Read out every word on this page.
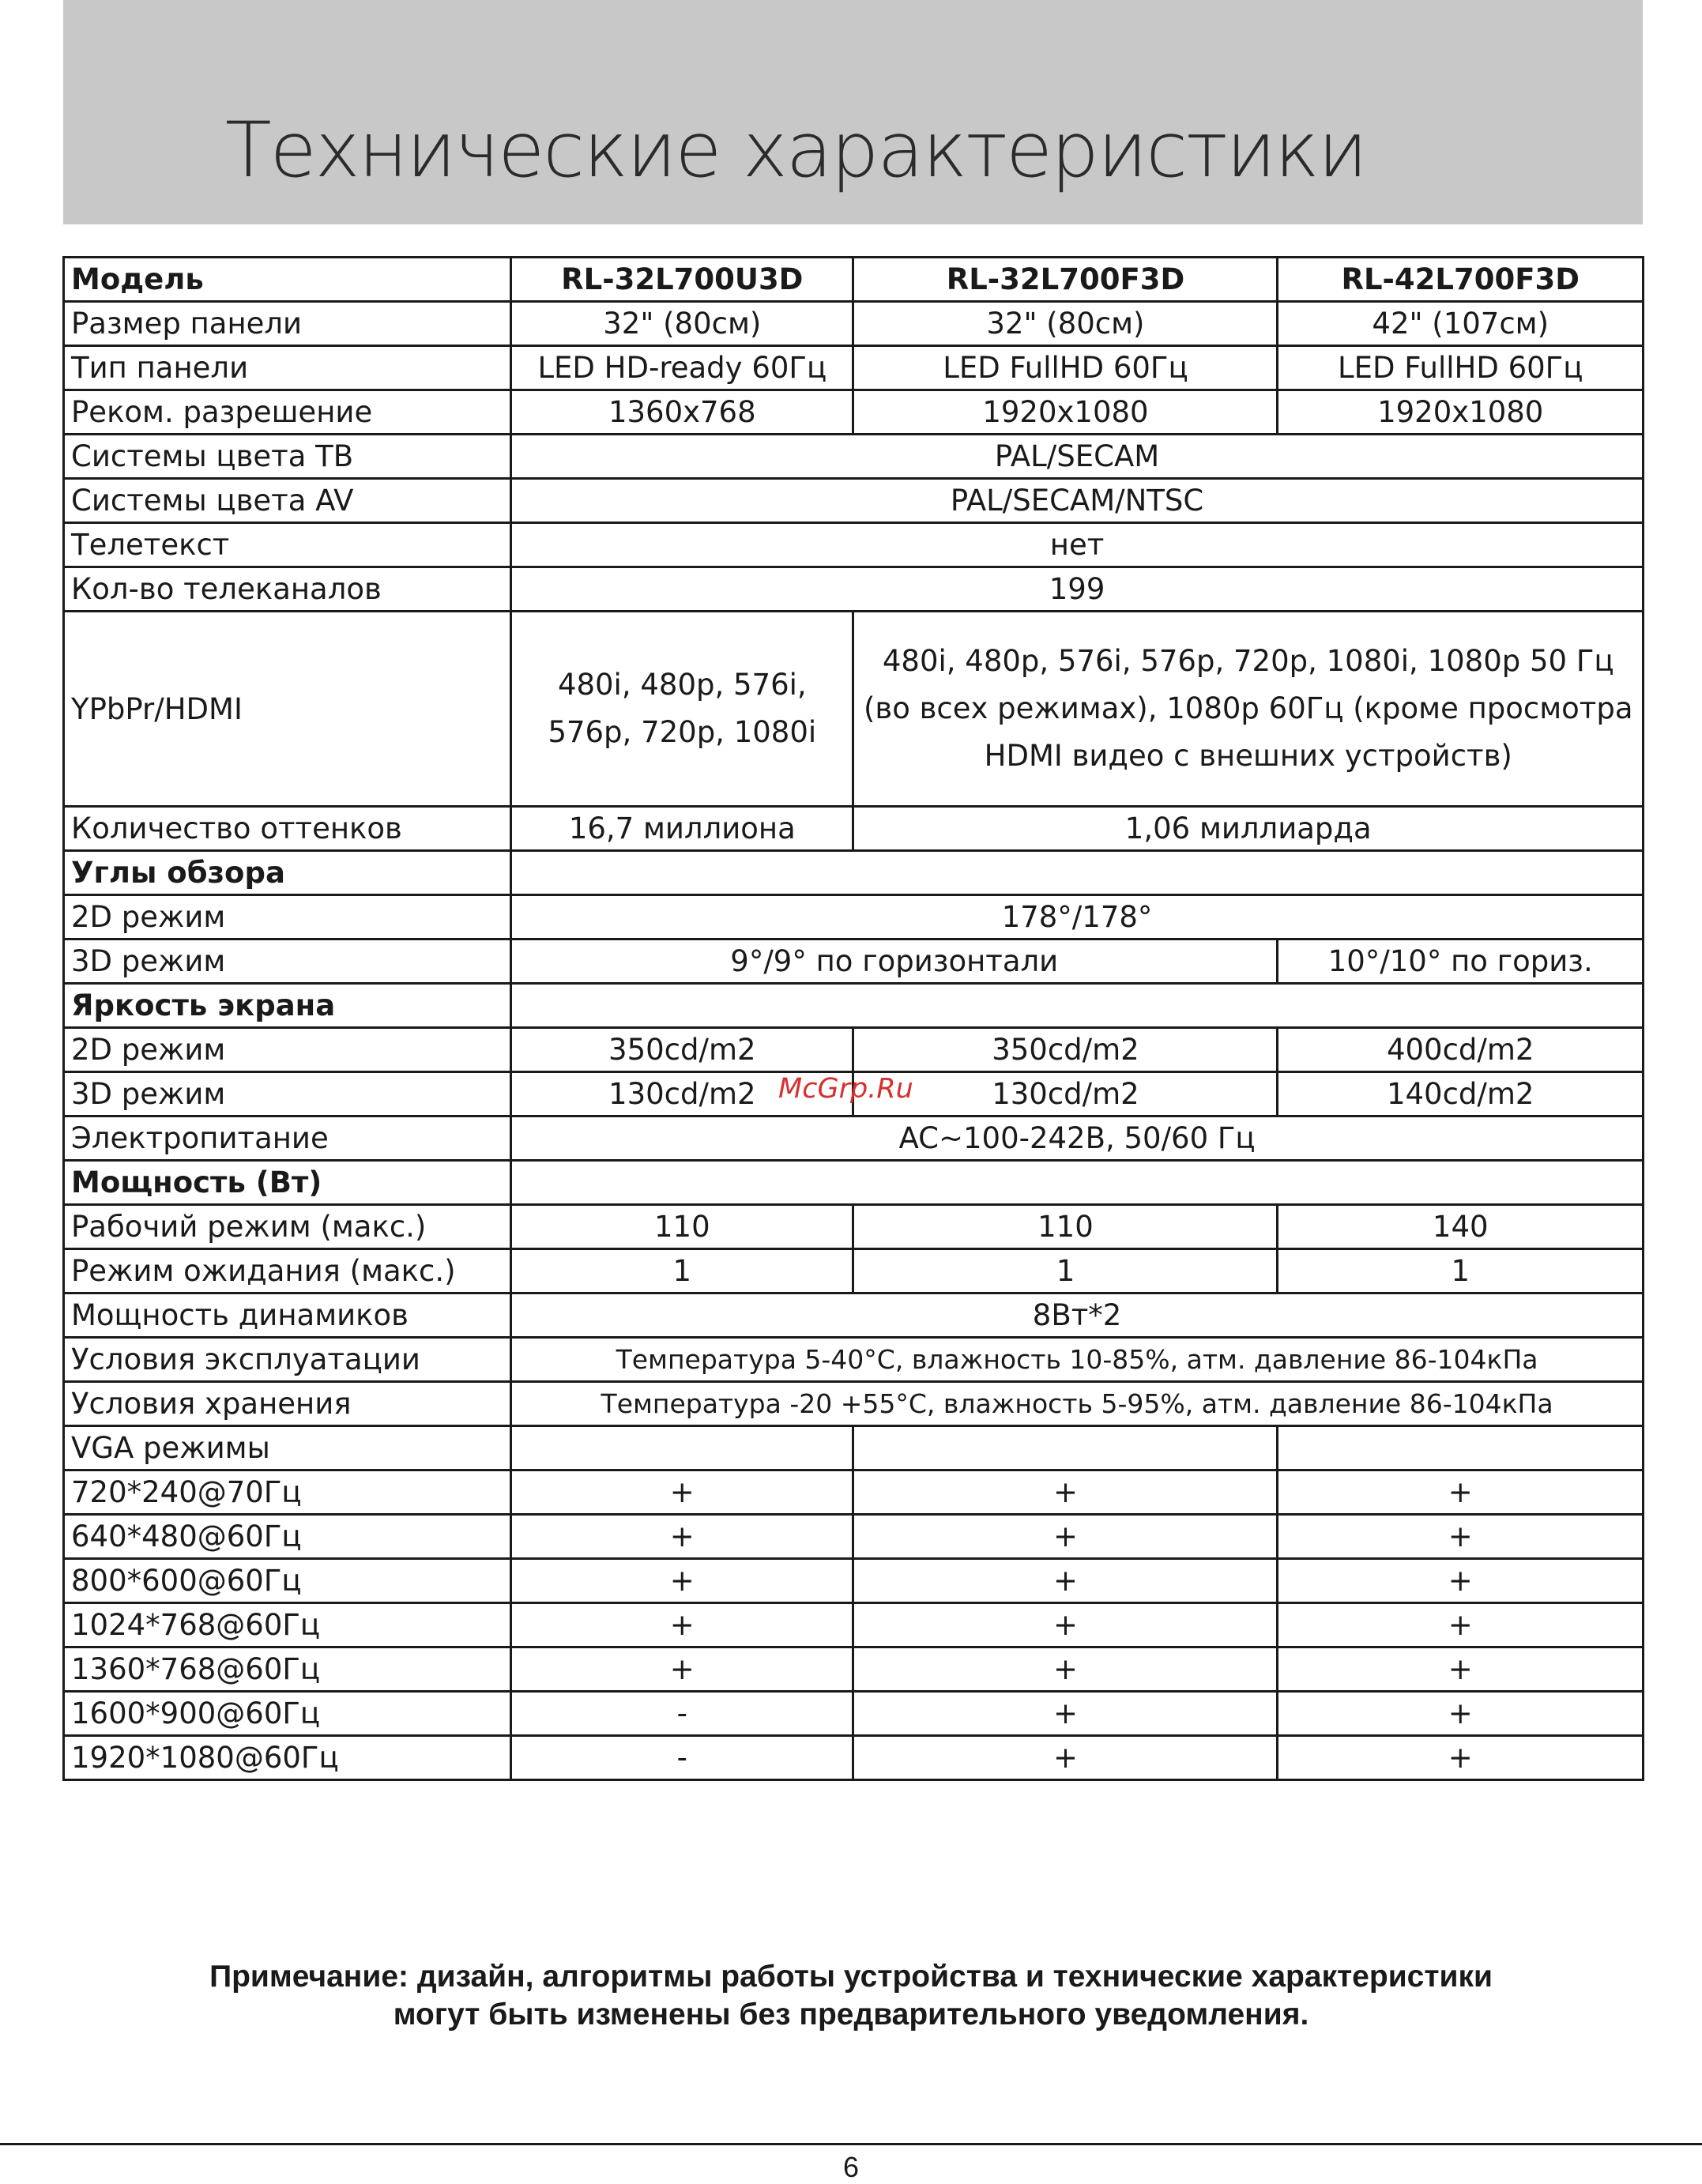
Технические характеристики
Модель	RL-32L700U3D	RL-32L700F3D	RL-42L700F3D
Размер панели	32" (80см)	32" (80см)	42" (107см)
Тип панели	LED HD-ready 60Гц	LED FullHD 60Гц	LED FullHD 60Гц
Реком. разрешение	1360x768	1920x1080	1920x1080
Системы цвета ТВ	PAL/SECAM		
Системы цвета AV	PAL/SECAM/NTSC		
Телетекст	нет		
Кол-во телеканалов	199		
YPbPr/HDMI	480i, 480p, 576i, 576p, 720p, 1080i	480i, 480p, 576i, 576p, 720p, 1080i, 1080p 50 Гц (во всех режимах), 1080p 60Гц (кроме просмотра HDMI видео с внешних устройств)	
Количество оттенков	16,7 миллиона	1,06 миллиарда	
Углы обзора			
2D режим	178°/178°		
3D режим	9°/9° по горизонтали		10°/10° по гориз.
Яркость экрана			
2D режим	350cd/m2	350cd/m2	400cd/m2
3D режим	130cd/m2	130cd/m2	140cd/m2
Электропитание	AC~100-242В, 50/60 Гц		
Мощность (Вт)			
Рабочий режим (макс.)	110	110	140
Режим ожидания (макс.)	1	1	1
Мощность динамиков	8Вт*2		
Условия эксплуатации	Температура 5-40°С, влажность 10-85%, атм. давление 86-104кПа		
Условия хранения	Температура -20 +55°С, влажность 5-95%, атм. давление 86-104кПа		
VGA режимы			
720*240@70Гц	+	+	+
640*480@60Гц	+	+	+
800*600@60Гц	+	+	+
1024*768@60Гц	+	+	+
1360*768@60Гц	+	+	+
1600*900@60Гц	-	+	+
1920*1080@60Гц	-	+	+
McGrp.Ru
Примечание: дизайн, алгоритмы работы устройства и технические характеристики
могут быть изменены без предварительного уведомления.
6
